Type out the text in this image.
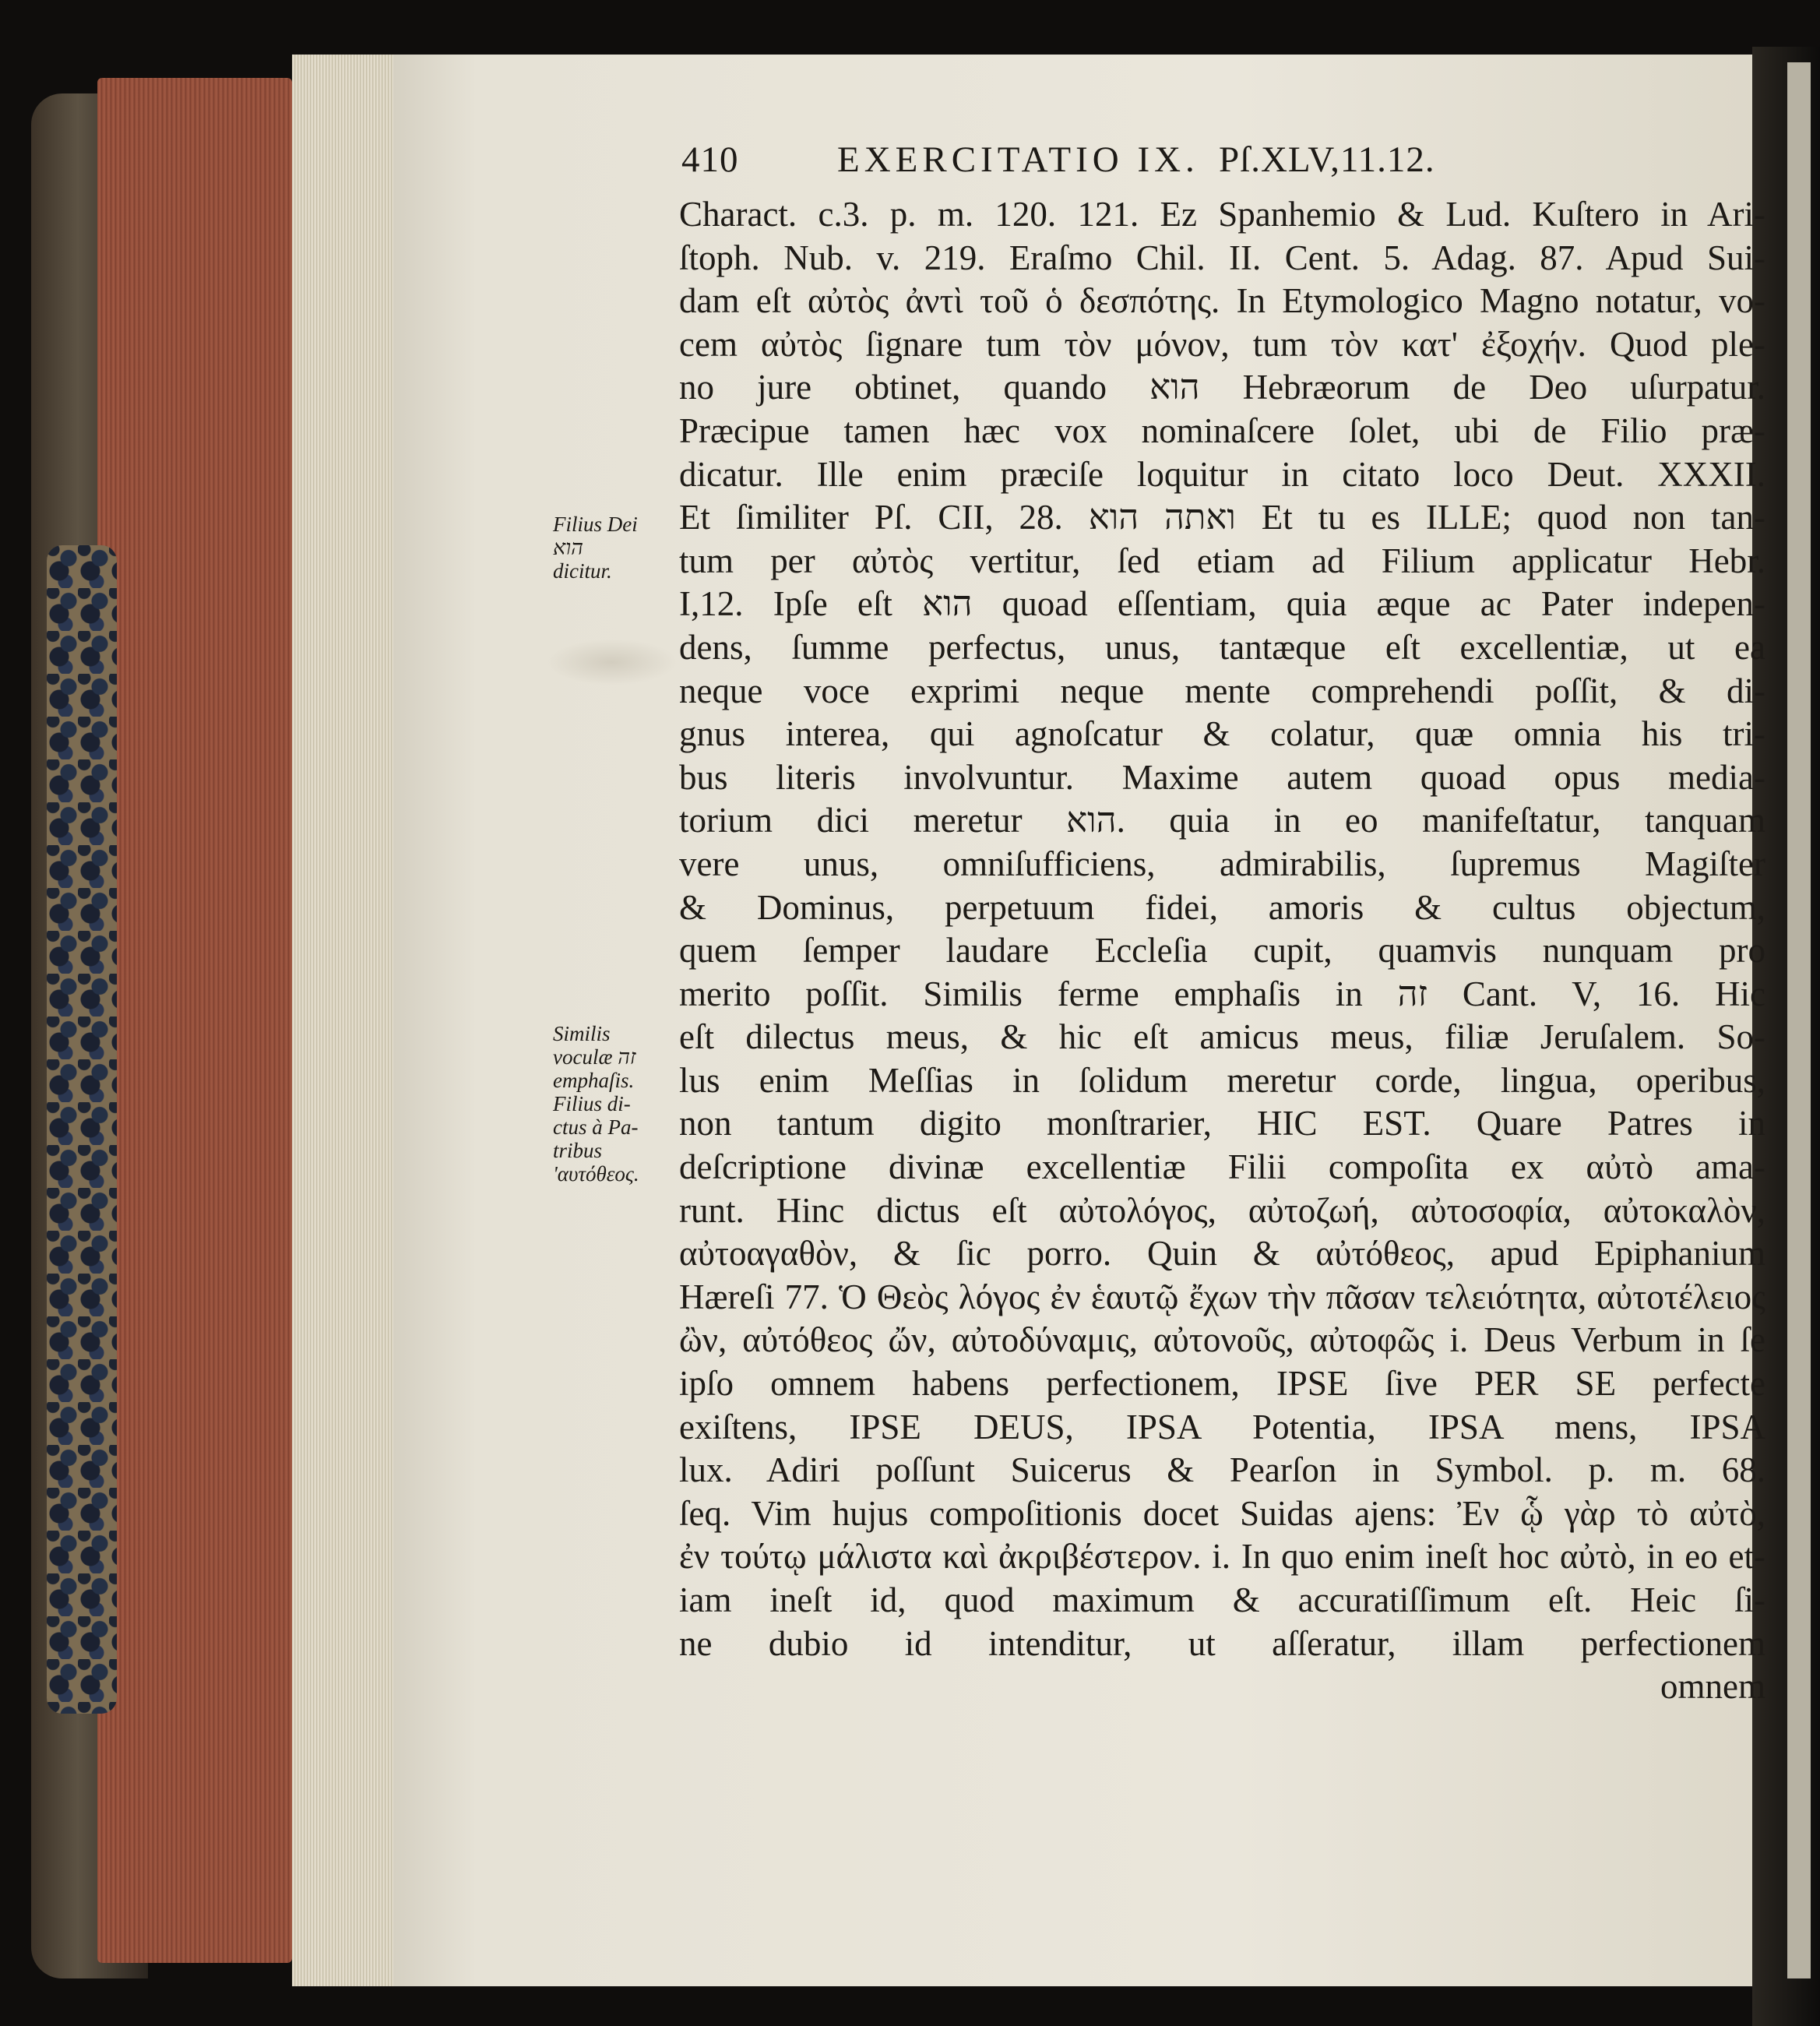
410	EXERCITATIO IX. Pſ.XLV,11.12.
Filius Dei
הוא
dicitur.
Similis
voculæ זה
emphaſis.
Filius di-
ctus à Pa-
tribus
'αυτόθεος.
Charact. c.3. p. m. 120. 121. Ez Spanhemio & Lud. Kuſtero in Ari-
ſtoph. Nub. v. 219. Eraſmo Chil. II. Cent. 5. Adag. 87. Apud Sui-
dam eſt αὐτὸς ἀντὶ τοῦ ὁ δεσπότης. In Etymologico Magno notatur, vo-
cem αὐτὸς ſignare tum τὸν μόνον, tum τὸν κατ' ἐξοχήν. Quod ple-
no jure obtinet, quando הוא Hebræorum de Deo uſurpatur.
Præcipue tamen hæc vox nominaſcere ſolet, ubi de Filio præ-
dicatur. Ille enim præciſe loquitur in citato loco Deut. XXXII.
Et ſimiliter Pſ. CII, 28. ואתה הוא Et tu es ILLE; quod non tan-
tum per αὐτὸς vertitur, ſed etiam ad Filium applicatur Hebr.
I,12. Ipſe eſt הוא quoad eſſentiam, quia æque ac Pater indepen-
dens, ſumme perfectus, unus, tantæque eſt excellentiæ, ut ea
neque voce exprimi neque mente comprehendi poſſit, & di-
gnus interea, qui agnoſcatur & colatur, quæ omnia his tri-
bus literis involvuntur. Maxime autem quoad opus media-
torium dici meretur הוא. quia in eo manifeſtatur, tanquam
vere unus, omniſufficiens, admirabilis, ſupremus Magiſter
& Dominus, perpetuum fidei, amoris & cultus objectum,
quem ſemper laudare Eccleſia cupit, quamvis nunquam pro
merito poſſit. Similis ferme emphaſis in זה Cant. V, 16. Hic
eſt dilectus meus, & hic eſt amicus meus, filiæ Jeruſalem. So-
lus enim Meſſias in ſolidum meretur corde, lingua, operibus,
non tantum digito monſtrarier, HIC EST. Quare Patres in
deſcriptione divinæ excellentiæ Filii compoſita ex αὐτὸ ama-
runt. Hinc dictus eſt αὐτολόγος, αὐτοζωή, αὐτοσοφία, αὐτοκαλὸν,
αὐτοαγαθὸν, & ſic porro. Quin & αὐτόθεος, apud Epiphanium
Hæreſi 77. Ὁ Θεὸς λόγος ἐν ἑαυτῷ ἔχων τὴν πᾶσαν τελειότητα, αὐτοτέλειος
ὢν, αὐτόθεος ὤν, αὐτοδύναμις, αὐτονοῦς, αὐτοφῶς i. Deus Verbum in ſe
ipſo omnem habens perfectionem, IPSE ſive PER SE perfecte
exiſtens, IPSE DEUS, IPSA Potentia, IPSA mens, IPSA
lux. Adiri poſſunt Suicerus & Pearſon in Symbol. p. m. 68.
ſeq. Vim hujus compoſitionis docet Suidas ajens: Ἐν ᾧ γὰρ τὸ αὐτὸ,
ἐν τούτῳ μάλιστα καὶ ἀκριβέστερον. i. In quo enim ineſt hoc αὐτὸ, in eo et-
iam ineſt id, quod maximum & accuratiſſimum eſt. Heic ſi-
ne dubio id intenditur, ut aſſeratur, illam perfectionem
omnem
